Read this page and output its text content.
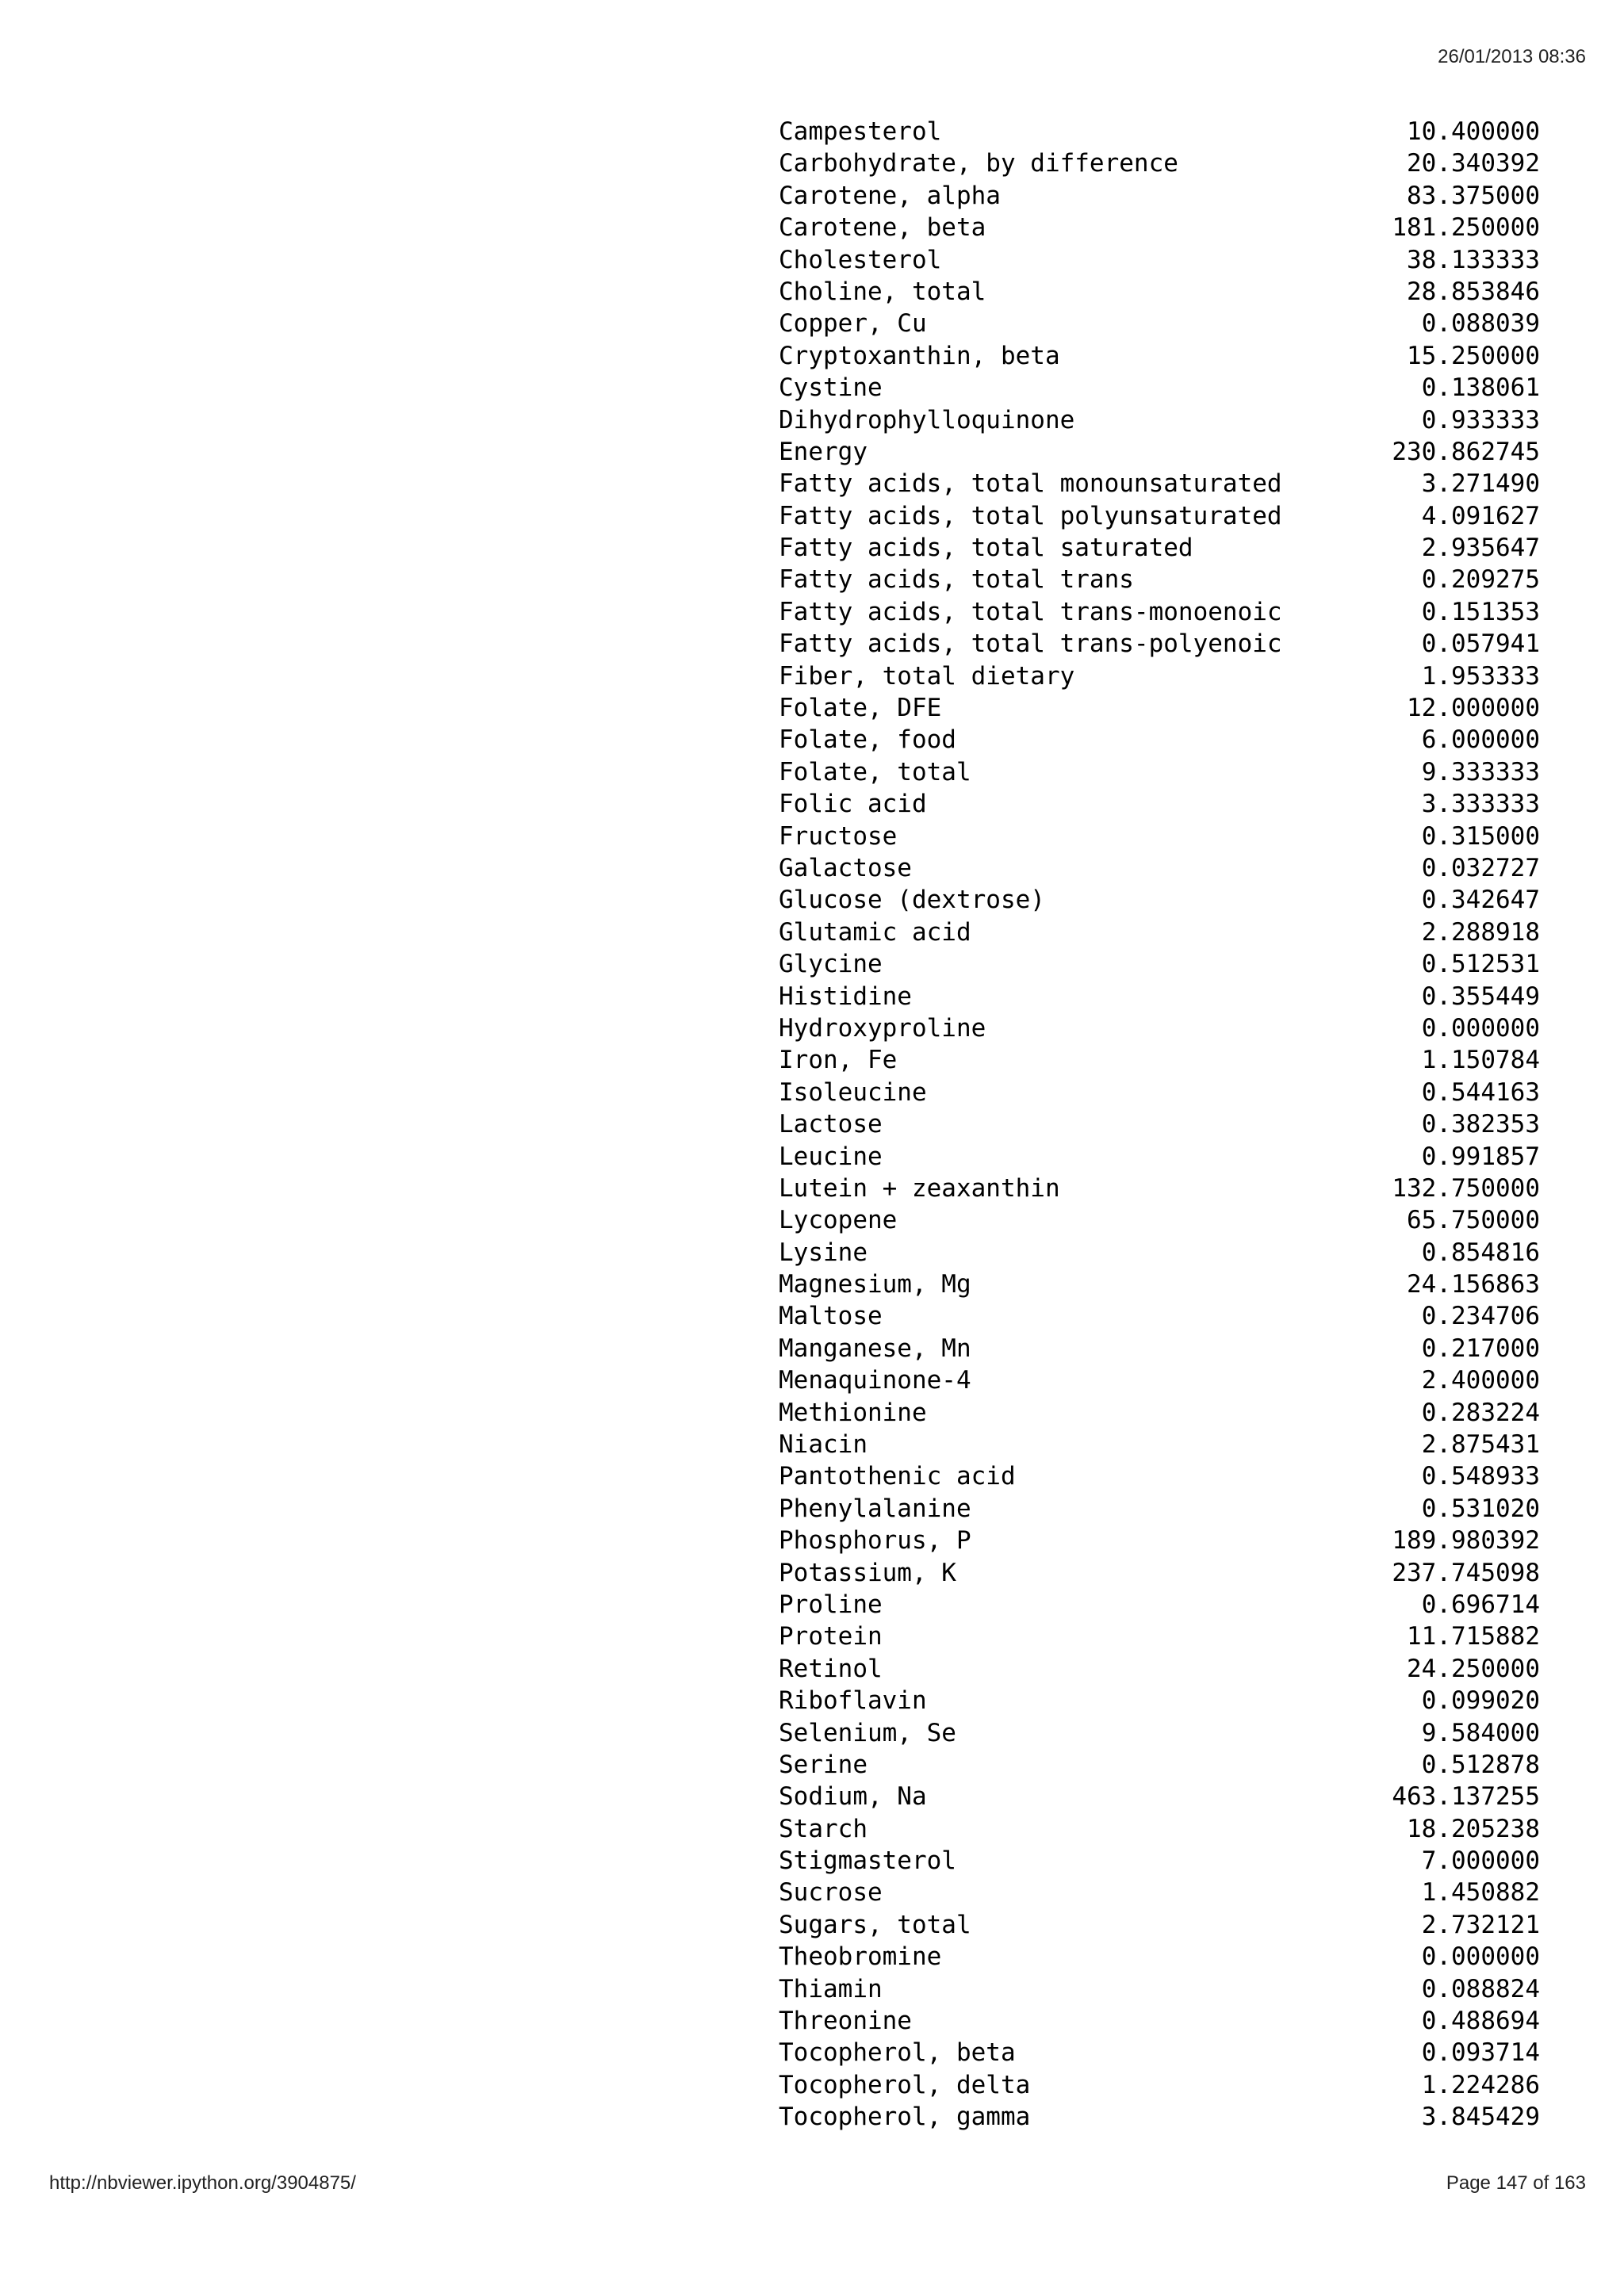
26/01/2013 08:36
Campesterol	10.400000
Carbohydrate, by difference	20.340392
Carotene, alpha	83.375000
Carotene, beta	181.250000
Cholesterol	38.133333
Choline, total	28.853846
Copper, Cu	0.088039
Cryptoxanthin, beta	15.250000
Cystine	0.138061
Dihydrophylloquinone	0.933333
Energy	230.862745
Fatty acids, total monounsaturated	3.271490
Fatty acids, total polyunsaturated	4.091627
Fatty acids, total saturated	2.935647
Fatty acids, total trans	0.209275
Fatty acids, total trans-monoenoic	0.151353
Fatty acids, total trans-polyenoic	0.057941
Fiber, total dietary	1.953333
Folate, DFE	12.000000
Folate, food	6.000000
Folate, total	9.333333
Folic acid	3.333333
Fructose	0.315000
Galactose	0.032727
Glucose (dextrose)	0.342647
Glutamic acid	2.288918
Glycine	0.512531
Histidine	0.355449
Hydroxyproline	0.000000
Iron, Fe	1.150784
Isoleucine	0.544163
Lactose	0.382353
Leucine	0.991857
Lutein + zeaxanthin	132.750000
Lycopene	65.750000
Lysine	0.854816
Magnesium, Mg	24.156863
Maltose	0.234706
Manganese, Mn	0.217000
Menaquinone-4	2.400000
Methionine	0.283224
Niacin	2.875431
Pantothenic acid	0.548933
Phenylalanine	0.531020
Phosphorus, P	189.980392
Potassium, K	237.745098
Proline	0.696714
Protein	11.715882
Retinol	24.250000
Riboflavin	0.099020
Selenium, Se	9.584000
Serine	0.512878
Sodium, Na	463.137255
Starch	18.205238
Stigmasterol	7.000000
Sucrose	1.450882
Sugars, total	2.732121
Theobromine	0.000000
Thiamin	0.088824
Threonine	0.488694
Tocopherol, beta	0.093714
Tocopherol, delta	1.224286
Tocopherol, gamma	3.845429
http://nbviewer.ipython.org/3904875/	Page 147 of 163
